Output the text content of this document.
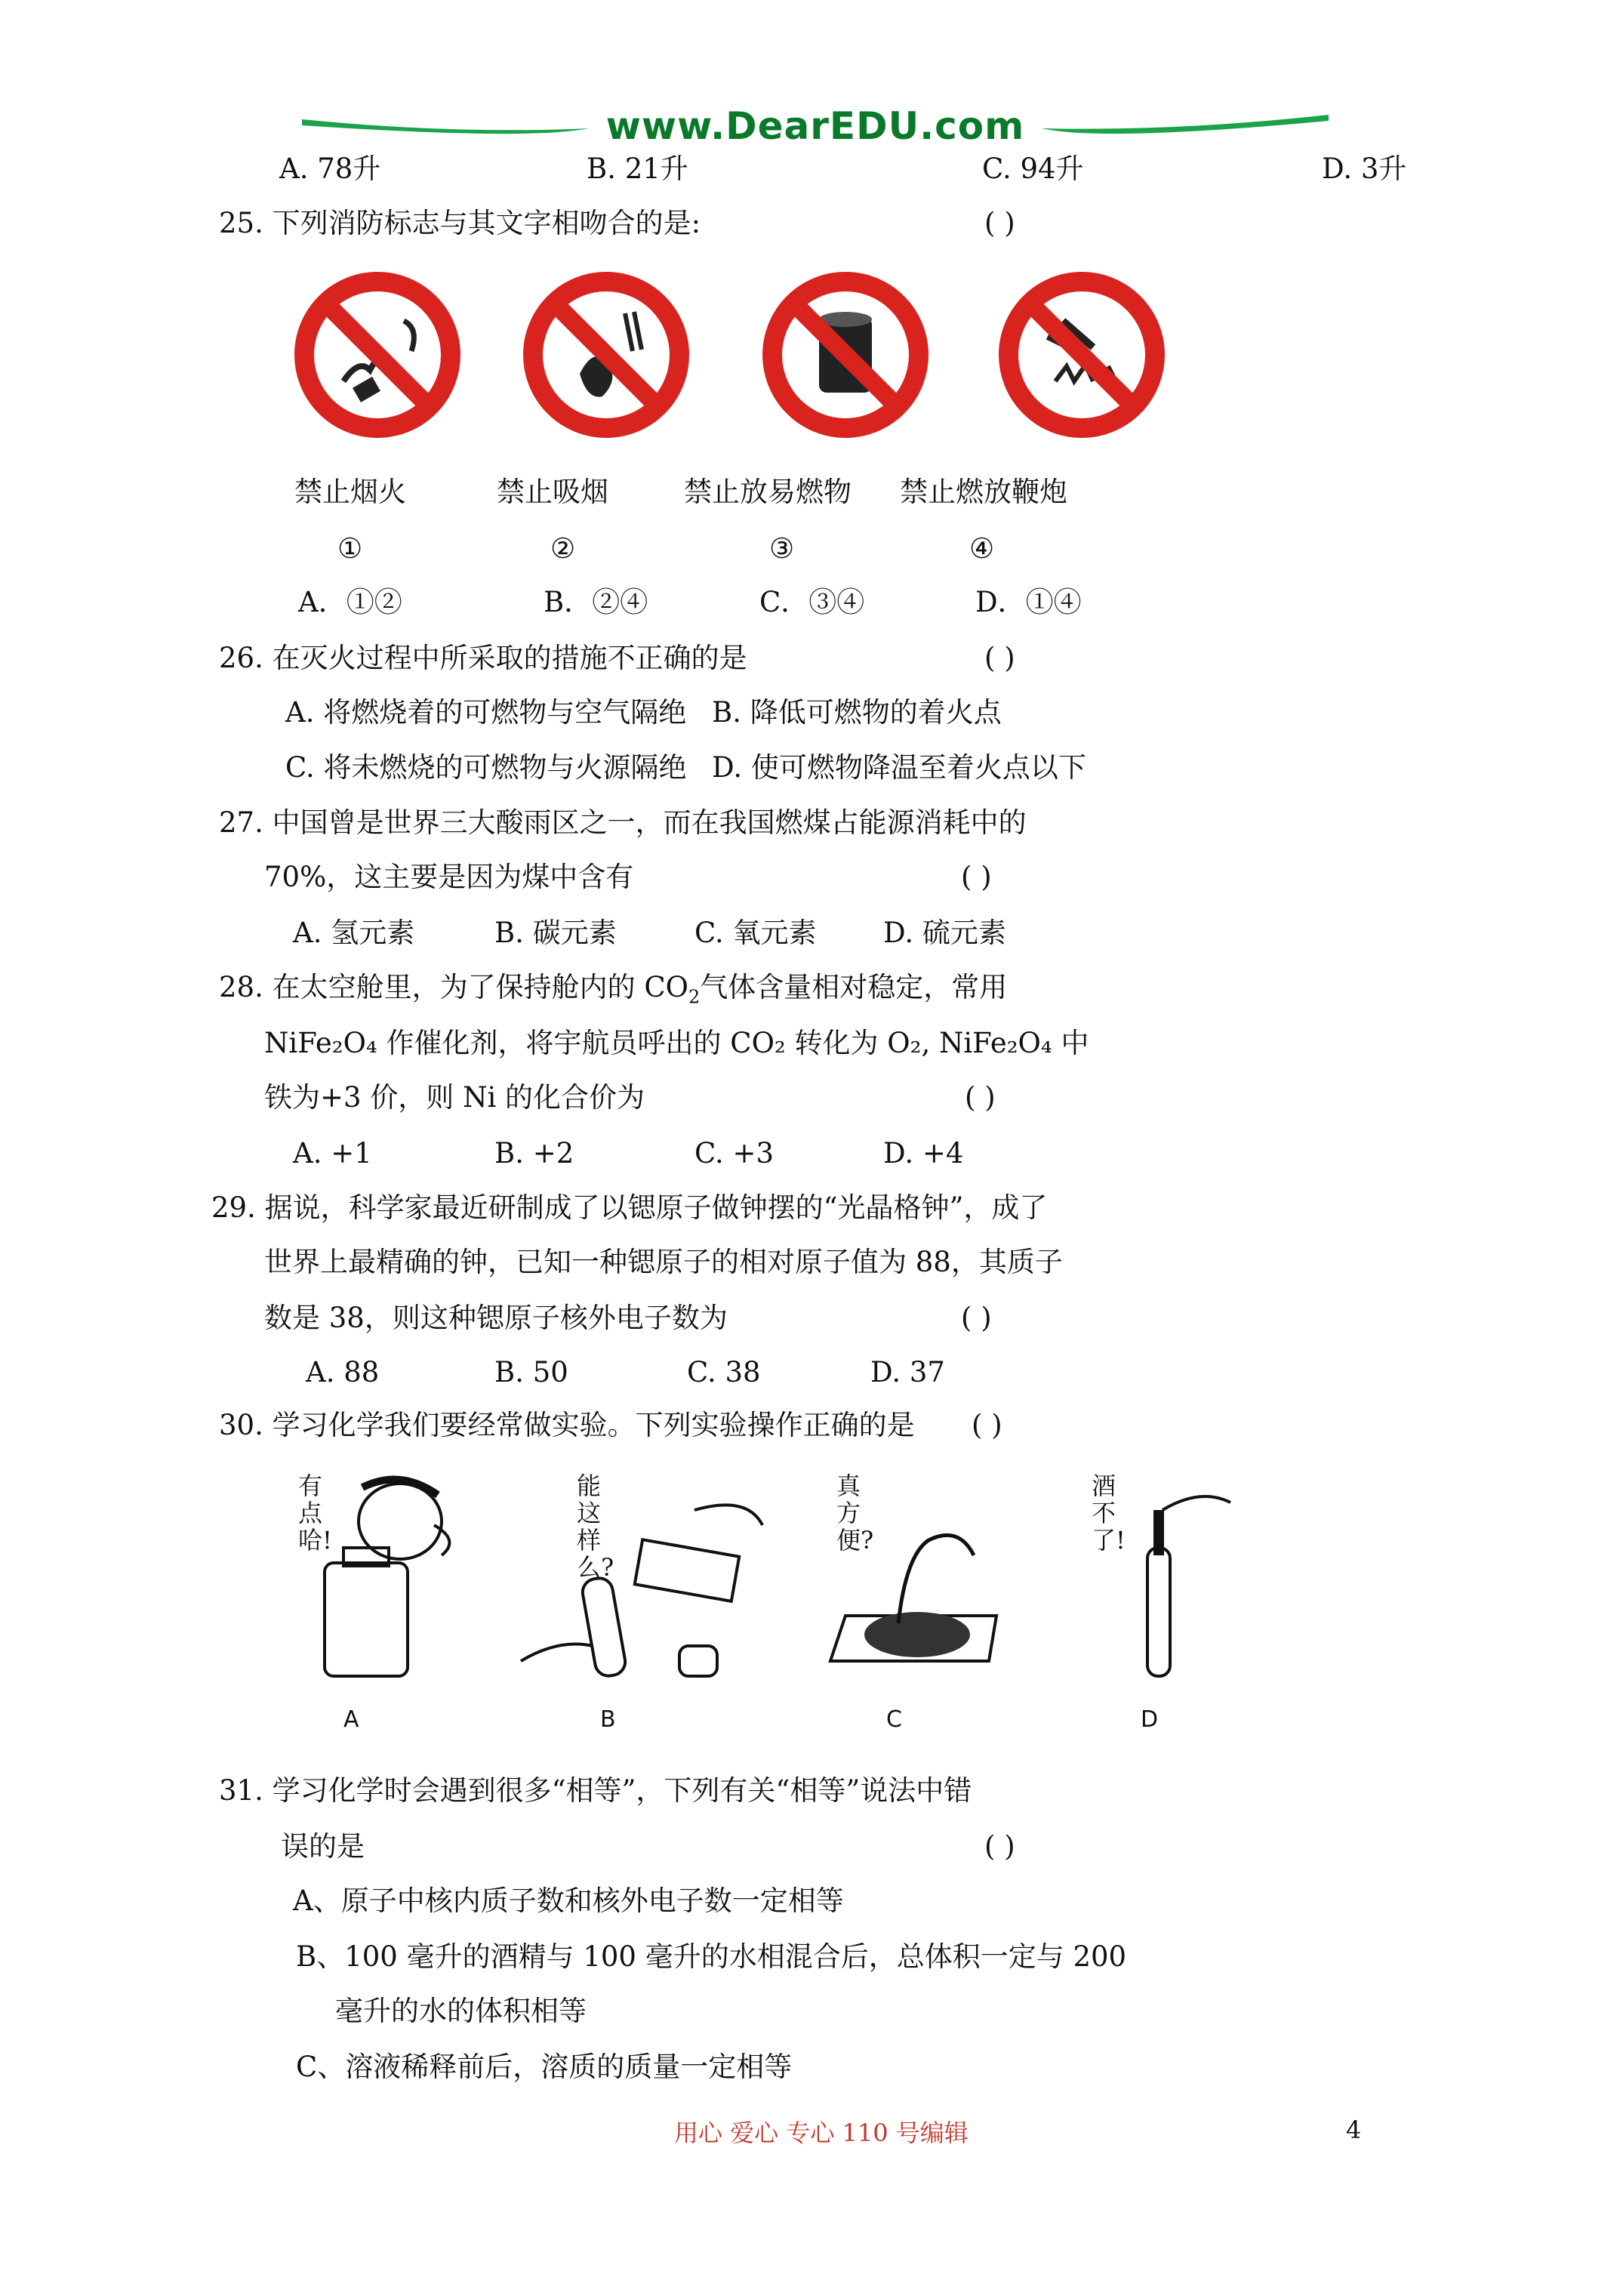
www.DearEDU.com
A. 78升	B. 21升	C. 94升	D. 3升
25. 下列消防标志与其文字相吻合的是:	( )
禁止烟火	禁止吸烟	禁止放易燃物 禁止燃放鞭炮
①	②	③	④
A．①②	B．②④	C．③④	D．①④
26. 在灭火过程中所采取的措施不正确的是	( )
A. 将燃烧着的可燃物与空气隔绝 B. 降低可燃物的着火点
C. 将未燃烧的可燃物与火源隔绝 D. 使可燃物降温至着火点以下
27. 中国曾是世界三大酸雨区之一，而在我国燃煤占能源消耗中的
70%，这主要是因为煤中含有	( )
A. 氢元素	B. 碳元素	C. 氧元素 D. 硫元素
28. 在太空舱里，为了保持舱内的 $CO_2$气体含量相对稳定，常用
NiFe₂O₄ 作催化剂，将宇航员呼出的 CO₂ 转化为 O₂, NiFe₂O₄ 中
铁为+3 价，则 Ni 的化合价为	( )
A. +1	B. +2	C. +3	D. +4
29. 据说，科学家最近研制成了以锶原子做钟摆的“光晶格钟”，成了
世界上最精确的钟，已知一种锶原子的相对原子值为 88，其质子
数是 38，则这种锶原子核外电子数为	( )
A. 88	B. 50	C. 38	D. 37
30. 学习化学我们要经常做实验。下列实验操作正确的是 ( )
有点哈!
能这样么?
真方便?
酒不了!
A	B	C	D
31. 学习化学时会遇到很多“相等”，下列有关“相等”说法中错
误的是	( )
A、原子中核内质子数和核外电子数一定相等
B、100 毫升的酒精与 100 毫升的水相混合后，总体积一定与 200
毫升的水的体积相等
C、溶液稀释前后，溶质的质量一定相等
用心 爱心 专心 110 号编辑	4
